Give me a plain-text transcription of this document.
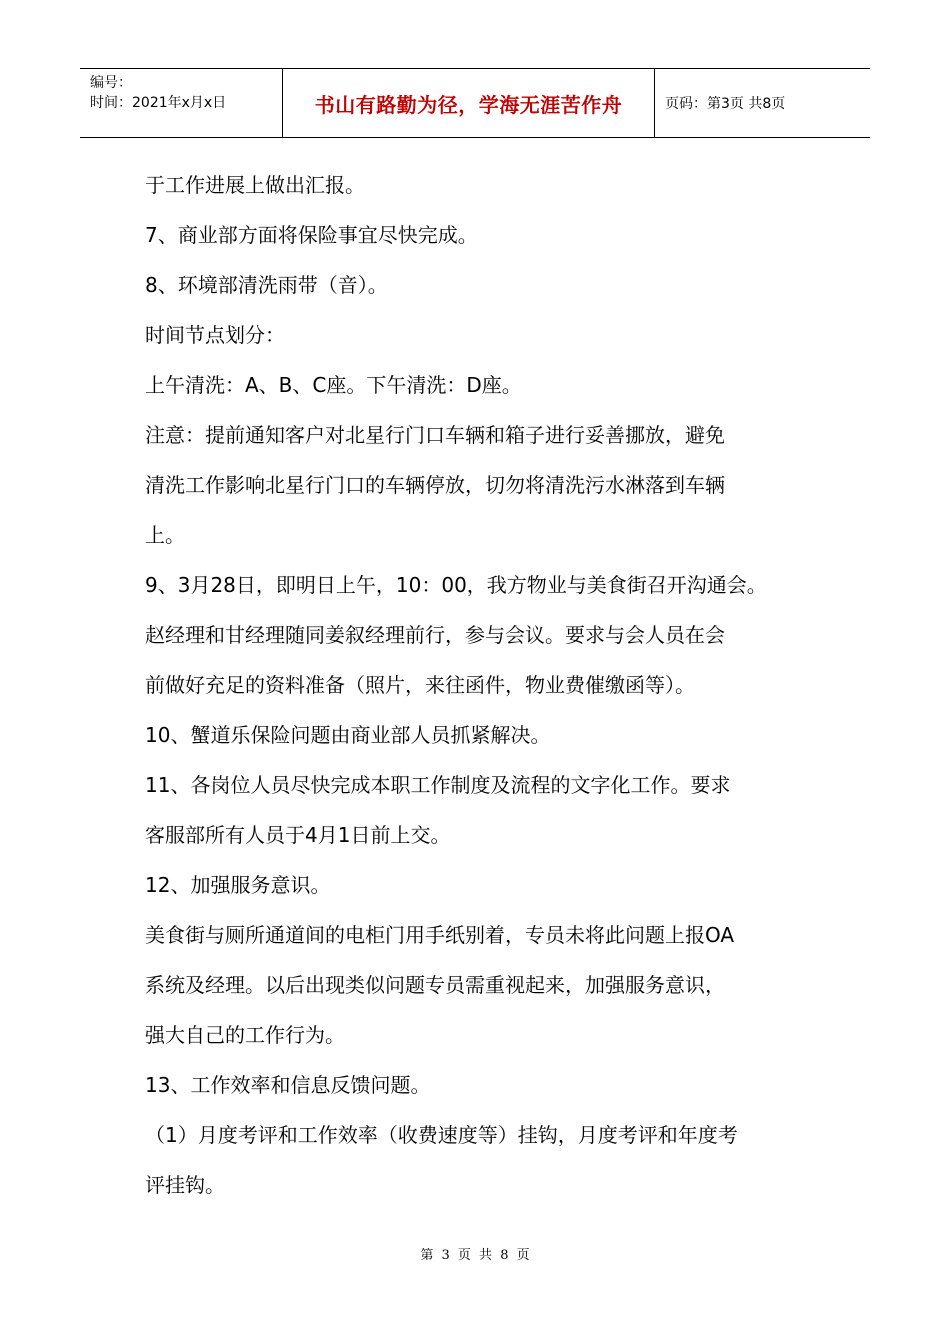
编号：
时间：2021年x月x日	书山有路勤为径，学海无涯苦作舟	页码：第3页 共8页

于工作进展上做出汇报。

7、商业部方面将保险事宜尽快完成。

8、环境部清洗雨带（音）。

时间节点划分：

上午清洗：A、B、C座。下午清洗：D座。

注意：提前通知客户对北星行门口车辆和箱子进行妥善挪放，避免

清洗工作影响北星行门口的车辆停放，切勿将清洗污水淋落到车辆

上。

9、3月28日，即明日上午，10：00，我方物业与美食街召开沟通会。

赵经理和甘经理随同姜叙经理前行，参与会议。要求与会人员在会

前做好充足的资料准备（照片，来往函件，物业费催缴函等）。

10、蟹道乐保险问题由商业部人员抓紧解决。

11、各岗位人员尽快完成本职工作制度及流程的文字化工作。要求

客服部所有人员于4月1日前上交。

12、加强服务意识。

美食街与厕所通道间的电柜门用手纸别着，专员未将此问题上报OA

系统及经理。以后出现类似问题专员需重视起来，加强服务意识，

强大自己的工作行为。

13、工作效率和信息反馈问题。

（1）月度考评和工作效率（收费速度等）挂钩，月度考评和年度考

评挂钩。

第 3 页 共 8 页
